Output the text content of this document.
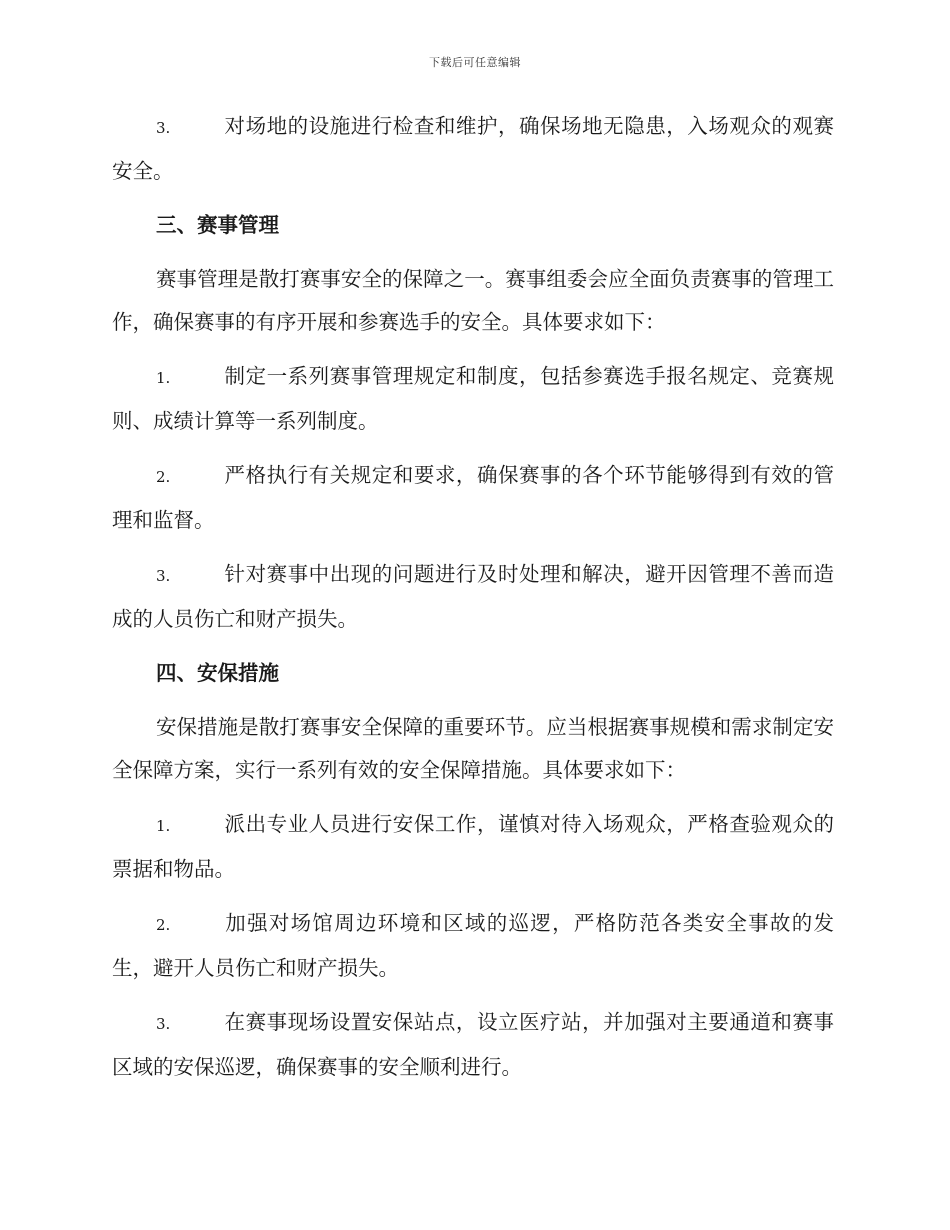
下载后可任意编辑

3.	对场地的设施进行检查和维护，确保场地无隐患，入场观众的观赛安全。

三、赛事管理

赛事管理是散打赛事安全的保障之一。赛事组委会应全面负责赛事的管理工作，确保赛事的有序开展和参赛选手的安全。具体要求如下：

1.	制定一系列赛事管理规定和制度，包括参赛选手报名规定、竞赛规则、成绩计算等一系列制度。

2.	严格执行有关规定和要求，确保赛事的各个环节能够得到有效的管理和监督。

3.	针对赛事中出现的问题进行及时处理和解决，避开因管理不善而造成的人员伤亡和财产损失。

四、安保措施

安保措施是散打赛事安全保障的重要环节。应当根据赛事规模和需求制定安全保障方案，实行一系列有效的安全保障措施。具体要求如下：

1.	派出专业人员进行安保工作，谨慎对待入场观众，严格查验观众的票据和物品。

2.	加强对场馆周边环境和区域的巡逻，严格防范各类安全事故的发生，避开人员伤亡和财产损失。

3.	在赛事现场设置安保站点，设立医疗站，并加强对主要通道和赛事区域的安保巡逻，确保赛事的安全顺利进行。
